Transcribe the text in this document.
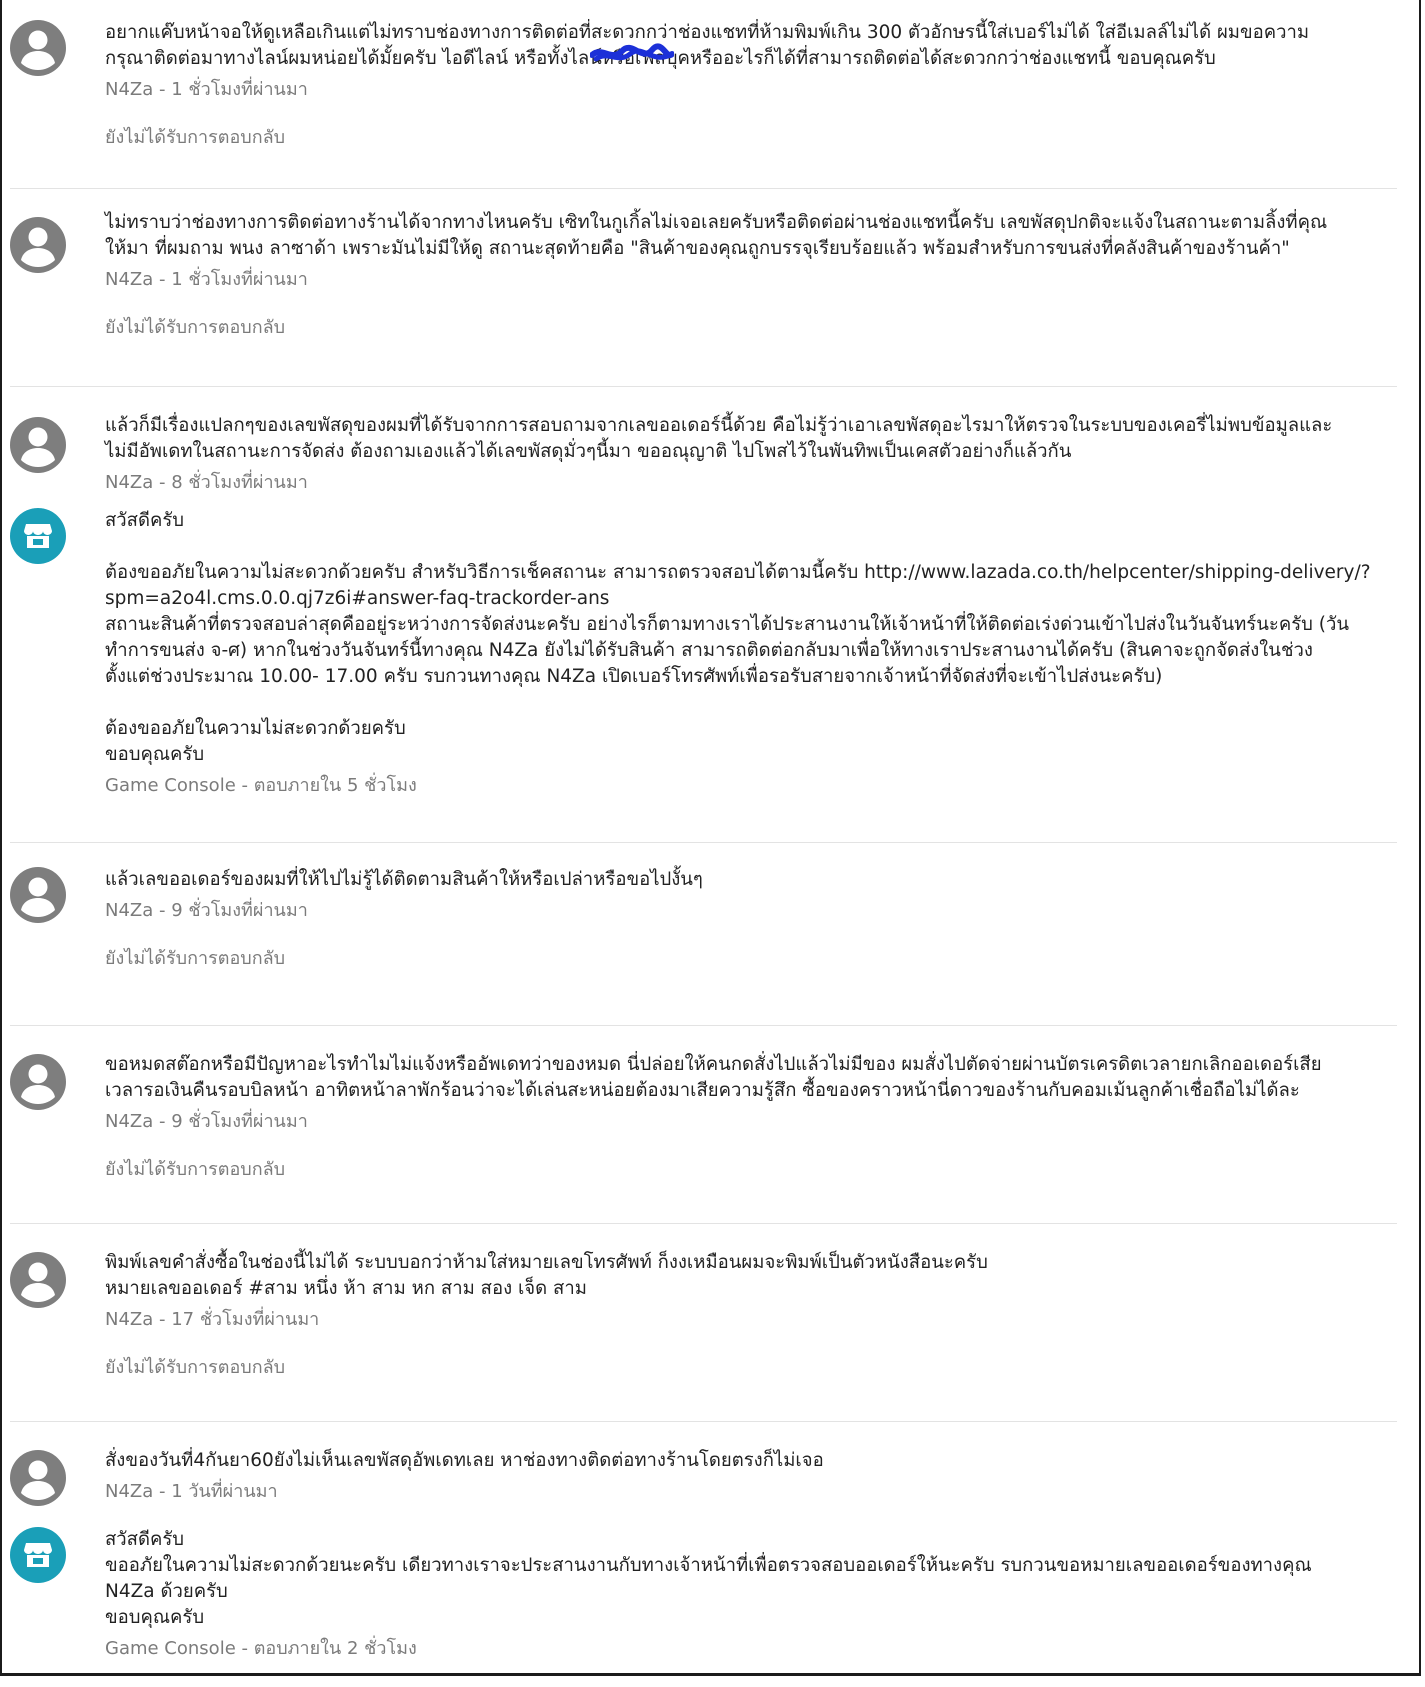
อยากแค๊บหน้าจอให้ดูเหลือเกินแต่ไม่ทราบช่องทางการติดต่อที่สะดวกกว่าช่องแชทที่ห้ามพิมพ์เกิน 300 ตัวอักษรนี้ใส่เบอร์ไม่ได้ ใส่อีเมลล์ไม่ได้ ผมขอความ
กรุณาติดต่อมาทางไลน์ผมหน่อยได้มั้ยครับ ไอดีไลน์ หรือทั้งไลน์หรือเฟสบุคหรืออะไรก็ได้ที่สามารถติดต่อได้สะดวกกว่าช่องแชทนี้ ขอบคุณครับ
N4Za - 1 ชั่วโมงที่ผ่านมา
ยังไม่ได้รับการตอบกลับ
ไม่ทราบว่าช่องทางการติดต่อทางร้านได้จากทางไหนครับ เซิทในกูเกิ้ลไม่เจอเลยครับหรือติดต่อผ่านช่องแชทนี้ครับ เลขพัสดุปกติจะแจ้งในสถานะตามลิ้งที่คุณ
ให้มา ที่ผมถาม พนง ลาซาด้า เพราะมันไม่มีให้ดู สถานะสุดท้ายคือ "สินค้าของคุณถูกบรรจุเรียบร้อยแล้ว พร้อมสำหรับการขนส่งที่คลังสินค้าของร้านค้า"
N4Za - 1 ชั่วโมงที่ผ่านมา
ยังไม่ได้รับการตอบกลับ
แล้วก็มีเรื่องแปลกๆของเลขพัสดุของผมที่ได้รับจากการสอบถามจากเลขออเดอร์นี้ด้วย คือไม่รู้ว่าเอาเลขพัสดุอะไรมาให้ตรวจในระบบของเคอรี่ไม่พบข้อมูลและ
ไม่มีอัพเดทในสถานะการจัดส่ง ต้องถามเองแล้วได้เลขพัสดุมั่วๆนี้มา ขออณุญาติ ไปโพสไว้ในพันทิพเป็นเคสตัวอย่างก็แล้วกัน
N4Za - 8 ชั่วโมงที่ผ่านมา
สวัสดีครับ

ต้องขออภัยในความไม่สะดวกด้วยครับ สำหรับวิธีการเช็คสถานะ สามารถตรวจสอบได้ตามนี้ครับ http://www.lazada.co.th/helpcenter/shipping-delivery/?
spm=a2o4l.cms.0.0.qj7z6i#answer-faq-trackorder-ans
สถานะสินค้าที่ตรวจสอบล่าสุดคืออยู่ระหว่างการจัดส่งนะครับ อย่างไรก็ตามทางเราได้ประสานงานให้เจ้าหน้าที่ให้ติดต่อเร่งด่วนเข้าไปส่งในวันจันทร์นะครับ (วัน
ทำการขนส่ง จ-ศ) หากในช่วงวันจันทร์นี้ทางคุณ N4Za ยังไม่ได้รับสินค้า สามารถติดต่อกลับมาเพื่อให้ทางเราประสานงานได้ครับ (สินคาจะถูกจัดส่งในช่วง
ตั้งแต่ช่วงประมาณ 10.00- 17.00 ครับ รบกวนทางคุณ N4Za เปิดเบอร์โทรศัพท์เพื่อรอรับสายจากเจ้าหน้าที่จัดส่งที่จะเข้าไปส่งนะครับ)

ต้องขออภัยในความไม่สะดวกด้วยครับ
ขอบคุณครับ
Game Console - ตอบภายใน 5 ชั่วโมง
แล้วเลขออเดอร์ของผมที่ให้ไปไม่รู้ได้ติดตามสินค้าให้หรือเปล่าหรือขอไปงั้นๆ
N4Za - 9 ชั่วโมงที่ผ่านมา
ยังไม่ได้รับการตอบกลับ
ขอหมดสต๊อกหรือมีปัญหาอะไรทำไมไม่แจ้งหรืออัพเดทว่าของหมด นี่ปล่อยให้คนกดสั่งไปแล้วไม่มีของ ผมสั่งไปตัดจ่ายผ่านบัตรเครดิตเวลายกเลิกออเดอร์เสีย
เวลารอเงินคืนรอบบิลหน้า อาทิตหน้าลาพักร้อนว่าจะได้เล่นสะหน่อยต้องมาเสียความรู้สึก ซื้อของคราวหน้านี่ดาวของร้านกับคอมเม้นลูกค้าเชื่อถือไม่ได้ละ
N4Za - 9 ชั่วโมงที่ผ่านมา
ยังไม่ได้รับการตอบกลับ
พิมพ์เลขคำสั่งซื้อในช่องนี้ไม่ได้ ระบบบอกว่าห้ามใส่หมายเลขโทรศัพท์ ก็งงเหมือนผมจะพิมพ์เป็นตัวหนังสือนะครับ
หมายเลขออเดอร์ #สาม หนึ่ง ห้า สาม หก สาม สอง เจ็ด สาม
N4Za - 17 ชั่วโมงที่ผ่านมา
ยังไม่ได้รับการตอบกลับ
สั่งของวันที่4กันยา60ยังไม่เห็นเลขพัสดุอัพเดทเลย หาช่องทางติดต่อทางร้านโดยตรงก็ไม่เจอ
N4Za - 1 วันที่ผ่านมา
สวัสดีครับ
ขออภัยในความไม่สะดวกด้วยนะครับ เดียวทางเราจะประสานงานกับทางเจ้าหน้าที่เพื่อตรวจสอบออเดอร์ให้นะครับ รบกวนขอหมายเลขออเดอร์ของทางคุณ
N4Za ด้วยครับ
ขอบคุณครับ
Game Console - ตอบภายใน 2 ชั่วโมง
